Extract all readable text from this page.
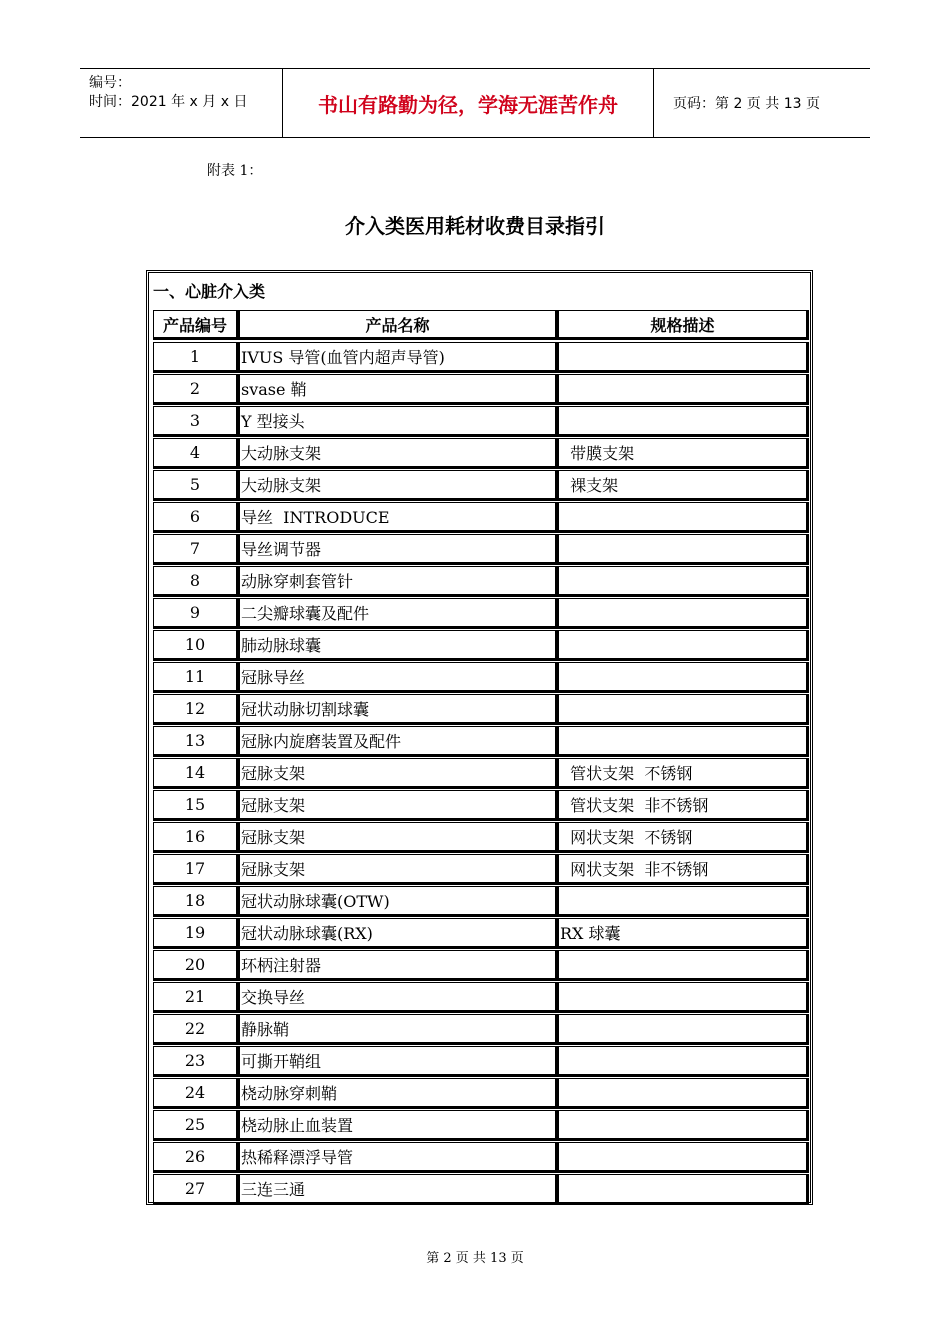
编号：
时间：2021 年 x 月 x 日	书山有路勤为径，学海无涯苦作舟	页码：第 2 页 共 13 页
附表 1：
介入类医用耗材收费目录指引
一、心脏介入类
产品编号	产品名称	规格描述
1	IVUS 导管(血管内超声导管)
2	svase 鞘
3	Y 型接头
4	大动脉支架	带膜支架
5	大动脉支架	裸支架
6	导丝  INTRODUCE
7	导丝调节器
8	动脉穿刺套管针
9	二尖瓣球囊及配件
10	肺动脉球囊
11	冠脉导丝
12	冠状动脉切割球囊
13	冠脉内旋磨装置及配件
14	冠脉支架	管状支架  不锈钢
15	冠脉支架	管状支架  非不锈钢
16	冠脉支架	网状支架  不锈钢
17	冠脉支架	网状支架  非不锈钢
18	冠状动脉球囊(OTW)
19	冠状动脉球囊(RX)	RX 球囊
20	环柄注射器
21	交换导丝
22	静脉鞘
23	可撕开鞘组
24	桡动脉穿刺鞘
25	桡动脉止血装置
26	热稀释漂浮导管
27	三连三通
第 2 页 共 13 页
